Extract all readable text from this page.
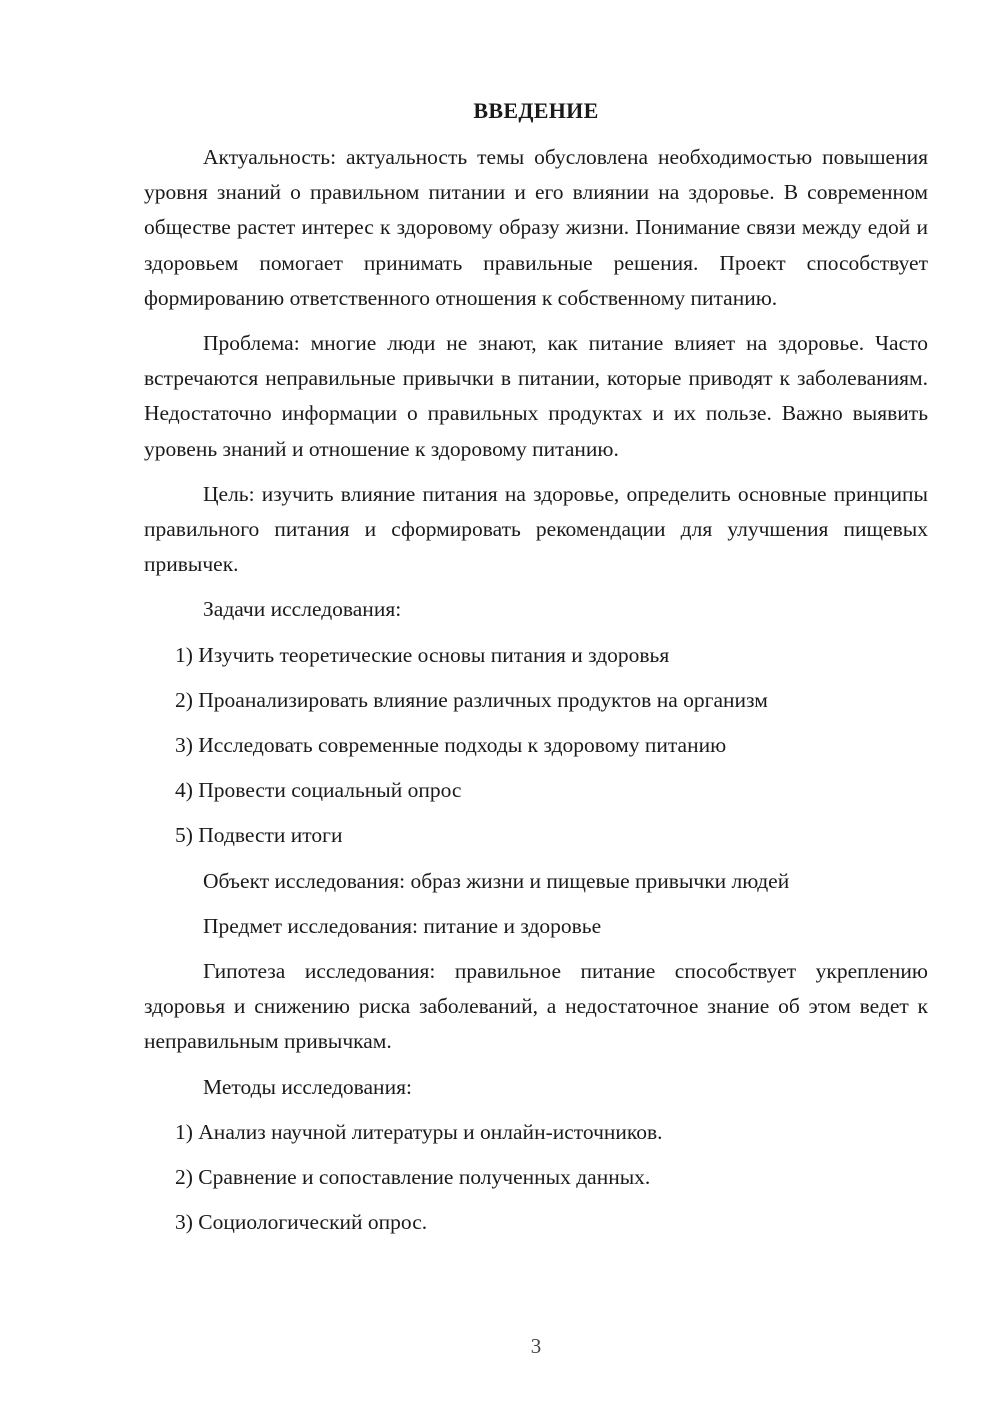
ВВЕДЕНИЕ

Актуальность: актуальность темы обусловлена необходимостью повышения уровня знаний о правильном питании и его влиянии на здоровье. В современном обществе растет интерес к здоровому образу жизни. Понимание связи между едой и здоровьем помогает принимать правильные решения. Проект способствует формированию ответственного отношения к собственному питанию.

Проблема: многие люди не знают, как питание влияет на здоровье. Часто встречаются неправильные привычки в питании, которые приводят к заболеваниям. Недостаточно информации о правильных продуктах и их пользе. Важно выявить уровень знаний и отношение к здоровому питанию.

Цель: изучить влияние питания на здоровье, определить основные принципы правильного питания и сформировать рекомендации для улучшения пищевых привычек.

Задачи исследования:
1) Изучить теоретические основы питания и здоровья
2) Проанализировать влияние различных продуктов на организм
3) Исследовать современные подходы к здоровому питанию
4) Провести социальный опрос
5) Подвести итоги
Объект исследования: образ жизни и пищевые привычки людей
Предмет исследования: питание и здоровье

Гипотеза исследования: правильное питание способствует укреплению здоровья и снижению риска заболеваний, а недостаточное знание об этом ведет к неправильным привычкам.

Методы исследования:
1) Анализ научной литературы и онлайн-источников.
2) Сравнение и сопоставление полученных данных.
3) Социологический опрос.
3
